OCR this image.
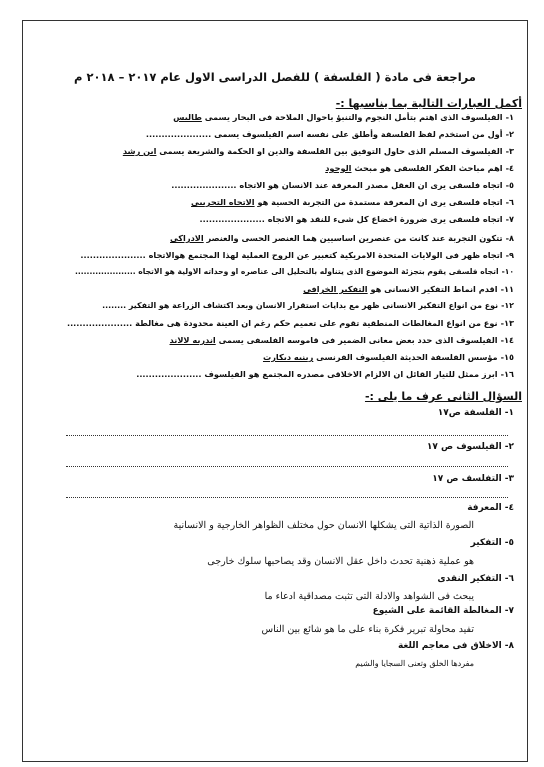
مراجعة فى مادة ( الفلسفة ) للفصل الدراسى الاول عام ٢٠١٧ – ٢٠١٨ م
أكمل العبارات التالية بما يناسبها :-
١-الفيلسوف الذى اهتم بتأمل النجوم والتنبؤ باحوال الملاحة فى البحار يسمى طاليس
٢-أول من استخدم لفظ الفلسفة وأطلق على نفسه اسم الفيلسوف يسمى .....................
٣-الفيلسوف المسلم الذى حاول التوفيق بين الفلسفة والدين او الحكمة والشريعة يسمى ابن رشد
٤-اهم مباحث الفكر الفلسفى هو مبحث الوجود
٥-اتجاه فلسفى يرى ان العقل مصدر المعرفة عند الانسان هو الاتجاه .....................
٦-اتجاه فلسفى يرى ان المعرفة مستمدة من التجربة الحسية هو الاتجاه التجريبى
٧-اتجاه فلسفى يرى ضرورة اخضاع كل شىء للنقد هو الاتجاه .....................
٨-تتكون التجربة عند كانت من عنصرين اساسيين هما العنصر الحسى والعنصر الادراكى
٩-اتجاه ظهر فى الولايات المتحدة الامريكية كتعبير عن الروح العملية لهذا المجتمع هوالاتجاه .....................
١٠-اتجاه فلسفى يقوم بتجزئة الموضوع الذى يتناوله بالتحليل الى عناصره او وحداته الاولية هو الاتجاه .....................
١١-اقدم انماط التفكير الانسانى هو التفكير الخرافى
١٢-نوع من انواع التفكير الانسانى ظهر مع بدايات استقرار الانسان وبعد اكتشاف الزراعة هو التفكير ........
١٣-نوع من انواع المغالطات المنطقية تقوم على تعميم حكم رغم ان العينة محدودة هى مغالطة .....................
١٤-الفيلسوف الذى حدد بعض معانى الضمير فى قاموسه الفلسفى يسمى اندريه لالاند
١٥-مؤسس الفلسفة الحديثة الفيلسوف الفرنسى رينيه ديكارت
١٦-ابرز ممثل للتيار القائل ان الالزام الاخلاقى مصدره المجتمع هو الفيلسوف .....................
السؤال الثانى عرف ما يلى :-
١-الفلسفة ص١٧
٢-الفيلسوف ص ١٧
٣-التفلسف ص ١٧
٤-المعرفة
الصورة الذاتية التى يشكلها الانسان حول مختلف الظواهر الخارجية و الانسانية
٥-التفكير
هو عملية ذهنية تحدث داخل عقل الانسان وقد يصاحبها سلوك خارجى
٦-التفكير النقدى
يبحث فى الشواهد والادلة التى تثبت مصداقية ادعاء ما
٧-المغالطة القائمة على الشيوع
تفيد محاولة تبرير فكرة بناء على ما هو شائع بين الناس
٨-الاخلاق فى معاجم اللغة
مفردها الخلق وتعنى السجايا والشيم
